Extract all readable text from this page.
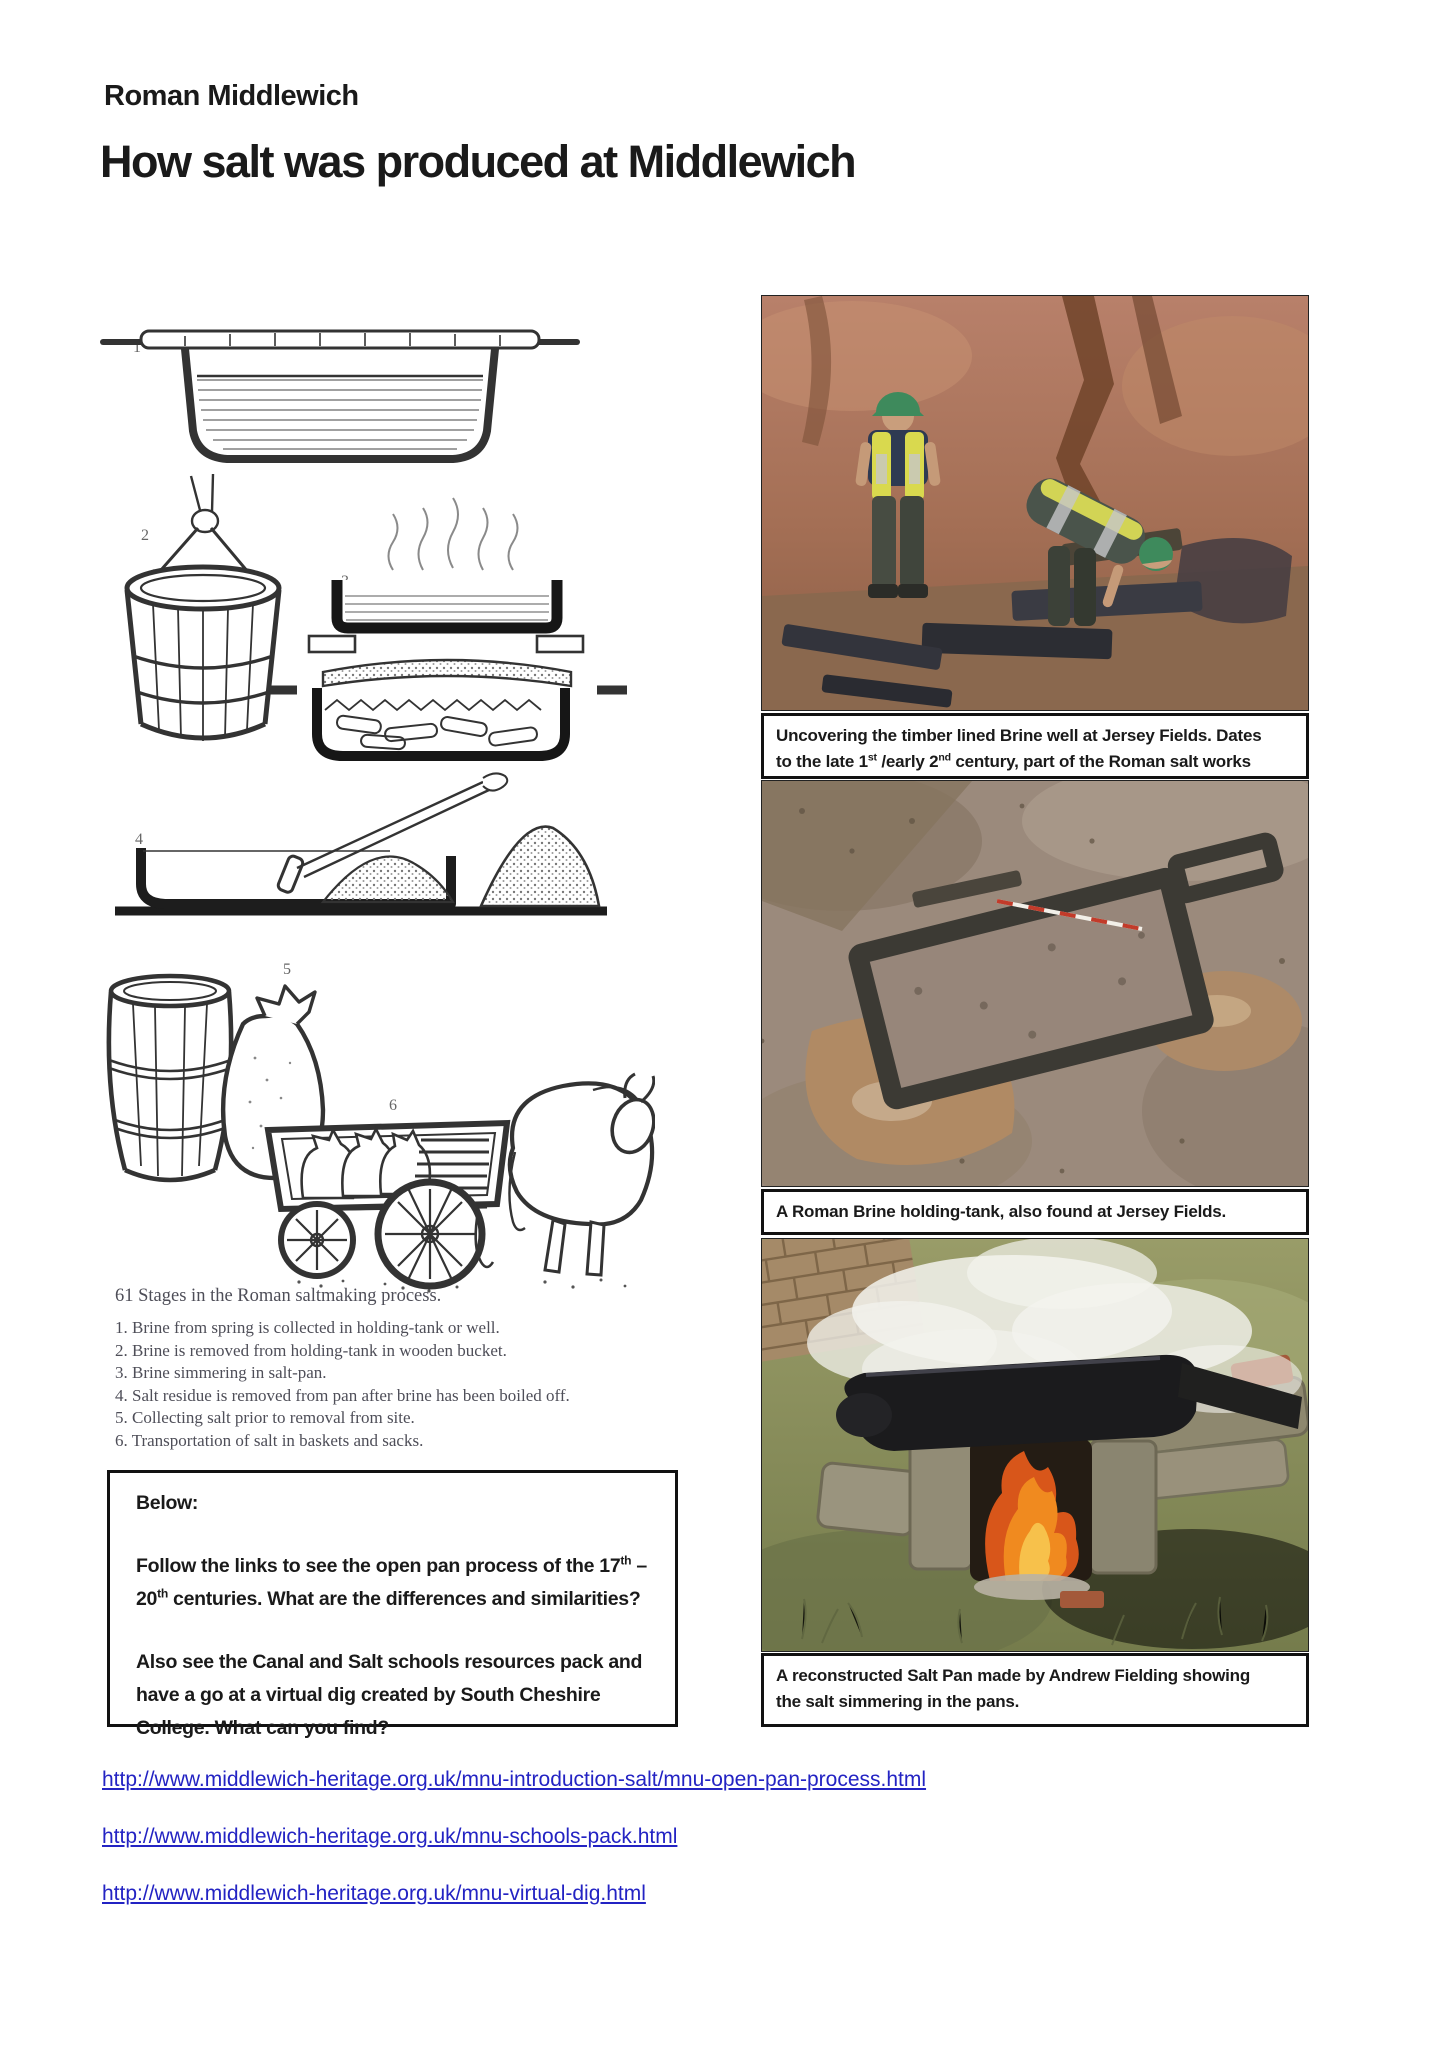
Roman Middlewich
How salt was produced at Middlewich
1
2
4
5
6
61 Stages in the Roman saltmaking process.
1. Brine from spring is collected in holding-tank or well.
2. Brine is removed from holding-tank in wooden bucket.
3. Brine simmering in salt-pan.
4. Salt residue is removed from pan after brine has been boiled off.
5. Collecting salt prior to removal from site.
6. Transportation of salt in baskets and sacks.
Below:
Follow the links to see the open pan process of the 17th –
20th centuries. What are the differences and similarities?
Also see the Canal and Salt schools resources pack and
have a go at a virtual dig created by South Cheshire
College. What can you find?
Uncovering the timber lined Brine well at Jersey Fields. Dates
to the late 1st /early 2nd century, part of the Roman salt works
A Roman Brine holding-tank, also found at Jersey Fields.
A reconstructed Salt Pan made by Andrew Fielding showing
the salt simmering in the pans.
http://www.middlewich-heritage.org.uk/mnu-introduction-salt/mnu-open-pan-process.html
http://www.middlewich-heritage.org.uk/mnu-schools-pack.html
http://www.middlewich-heritage.org.uk/mnu-virtual-dig.html
